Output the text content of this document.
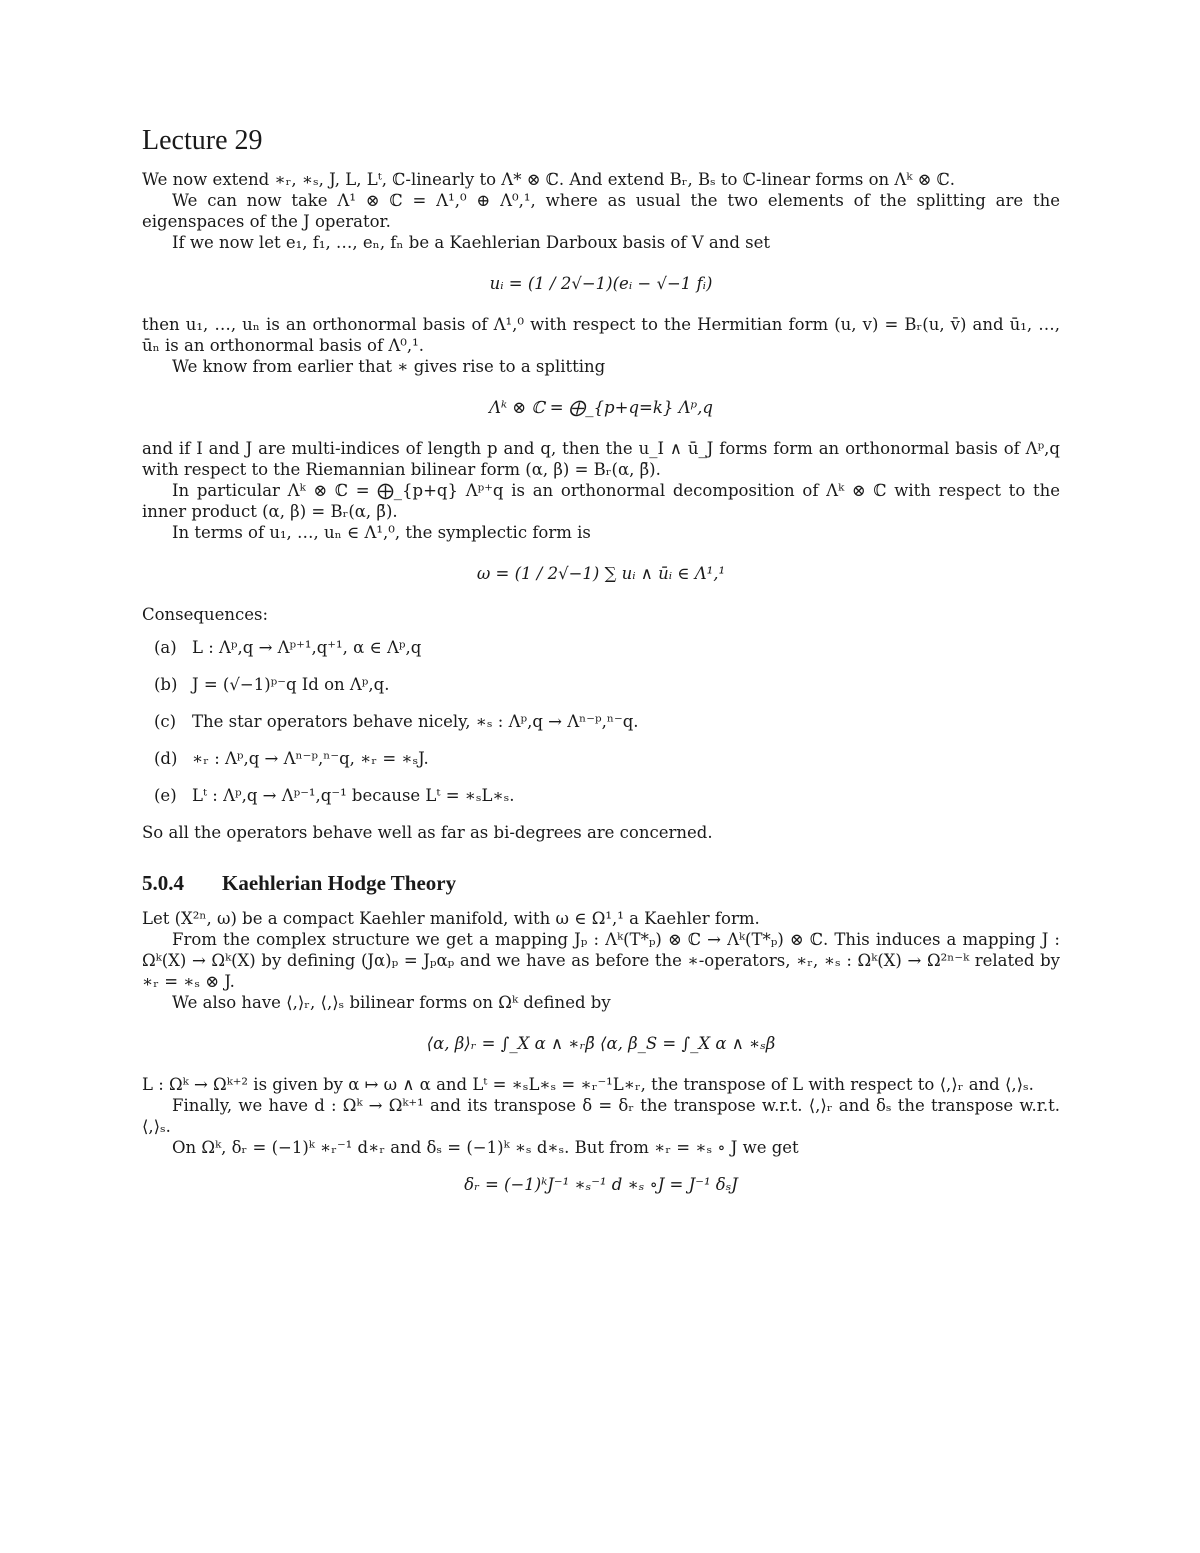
Lecture 29

We now extend ∗ᵣ, ∗ₛ, J, L, Lᵗ, ℂ-linearly to Λ* ⊗ ℂ. And extend Bᵣ, Bₛ to ℂ-linear forms on Λᵏ ⊗ ℂ.

We can now take Λ¹ ⊗ ℂ = Λ¹,⁰ ⊕ Λ⁰,¹, where as usual the two elements of the splitting are the eigenspaces of the J operator.

If we now let e₁, f₁, …, eₙ, fₙ be a Kaehlerian Darboux basis of V and set

uᵢ = (1 / 2√−1)(eᵢ − √−1 fᵢ)

then u₁, …, uₙ is an orthonormal basis of Λ¹,⁰ with respect to the Hermitian form (u, v) = Bᵣ(u, v̄) and ū₁, …, ūₙ is an orthonormal basis of Λ⁰,¹.

We know from earlier that ∗ gives rise to a splitting

Λᵏ ⊗ ℂ = ⨁_{p+q=k} Λᵖ,q

and if I and J are multi-indices of length p and q, then the u_I ∧ ū_J forms form an orthonormal basis of Λᵖ,q with respect to the Riemannian bilinear form (α, β) = Bᵣ(α, β̄).

In particular Λᵏ ⊗ ℂ = ⨁_{p+q} Λᵖ⁺q is an orthonormal decomposition of Λᵏ ⊗ ℂ with respect to the inner product (α, β) = Bᵣ(α, β̄).

In terms of u₁, …, uₙ ∈ Λ¹,⁰, the symplectic form is

ω = (1 / 2√−1) ∑ uᵢ ∧ ūᵢ ∈ Λ¹,¹

Consequences:

(a) L : Λᵖ,q → Λᵖ⁺¹,q⁺¹, α ∈ Λᵖ,q
(b) J = (√−1)ᵖ⁻q Id on Λᵖ,q.
(c) The star operators behave nicely, ∗ₛ : Λᵖ,q → Λⁿ⁻ᵖ,ⁿ⁻q.
(d) ∗ᵣ : Λᵖ,q → Λⁿ⁻ᵖ,ⁿ⁻q, ∗ᵣ = ∗ₛJ.
(e) Lᵗ : Λᵖ,q → Λᵖ⁻¹,q⁻¹ because Lᵗ = ∗ₛL∗ₛ.

So all the operators behave well as far as bi-degrees are concerned.

5.0.4	Kaehlerian Hodge Theory

Let (X²ⁿ, ω) be a compact Kaehler manifold, with ω ∈ Ω¹,¹ a Kaehler form.

From the complex structure we get a mapping Jₚ : Λᵏ(T*ₚ) ⊗ ℂ → Λᵏ(T*ₚ) ⊗ ℂ. This induces a mapping J : Ωᵏ(X) → Ωᵏ(X) by defining (Jα)ₚ = Jₚαₚ and we have as before the ∗-operators, ∗ᵣ, ∗ₛ : Ωᵏ(X) → Ω²ⁿ⁻ᵏ related by ∗ᵣ = ∗ₛ ⊗ J.

We also have ⟨,⟩ᵣ, ⟨,⟩ₛ bilinear forms on Ωᵏ defined by

⟨α, β⟩ᵣ = ∫_X α ∧ ∗ᵣβ̄ ⟨α, β_S = ∫_X α ∧ ∗ₛβ

L : Ωᵏ → Ωᵏ⁺² is given by α ↦ ω ∧ α and Lᵗ = ∗ₛL∗ₛ = ∗ᵣ⁻¹L∗ᵣ, the transpose of L with respect to ⟨,⟩ᵣ and ⟨,⟩ₛ.

Finally, we have d : Ωᵏ → Ωᵏ⁺¹ and its transpose δ = δᵣ the transpose w.r.t. ⟨,⟩ᵣ and δₛ the transpose w.r.t. ⟨,⟩ₛ.

On Ωᵏ, δᵣ = (−1)ᵏ ∗ᵣ⁻¹ d∗ᵣ and δₛ = (−1)ᵏ ∗ₛ d∗ₛ. But from ∗ᵣ = ∗ₛ ∘ J we get

δᵣ = (−1)ᵏJ⁻¹ ∗ₛ⁻¹ d ∗ₛ ∘J = J⁻¹ δₛJ
